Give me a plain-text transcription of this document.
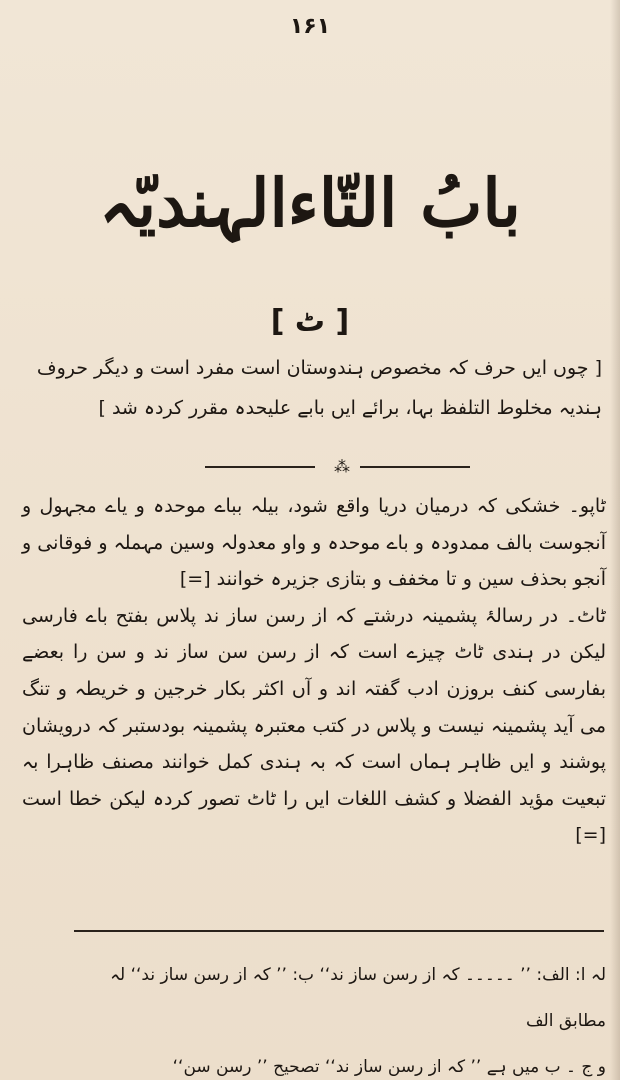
۱۶۱
بابُ التّاءالہندیّہ
[ ٹ ]
[ چوں ایں حرف کہ مخصوص ہندوستان است مفرد است و دیگر حروف ہندیہ مخلوط التلفظ بہا، برائے ایں بابے علیحدہ مقرر کردہ شد ]
⁂

ٹاپو۔ خشکی کہ درمیان دریا واقع شود، بیلہ بباے موحدہ و یاے مجہول و آنجوست بالف ممدودہ و باے موحدہ و واو معدولہ وسین مہملہ و فوقانی و آنجو بحذف سین و تا مخفف و بتازی جزیرہ خوانند [=]

ٹاٹ۔ در رسالۂ پشمینہ درشتے کہ از رسن ساز ند پلاس بفتح باے فارسی لیکن در ہندی ٹاٹ چیزے است کہ از رسن سن ساز ند و سن را بعضے بفارسی کنف بروزن ادب گفتہ اند و آں اکثر بکار خرجین و خریطہ و تنگ می آید پشمینہ نیست و پلاس در کتب معتبرہ پشمینہ بودستبر کہ درویشان پوشند و ایں ظاہر ہماں است کہ بہ ہندی کمل خوانند مصنف ظاہرا بہ تبعیت مؤید الفضلا و کشف اللغات ایں را ٹاٹ تصور کردہ لیکن خطا است [=]

لہ ا: الف: ’’ ۔۔۔۔۔ کہ از رسن ساز ند‘‘ ب: ’’ کہ از رسن ساز ند‘‘ لہ مطابق الف

و ج ۔ ب میں ہے ’’ کہ از رسن ساز ند‘‘ تصحیح ’’ رسن سن‘‘
